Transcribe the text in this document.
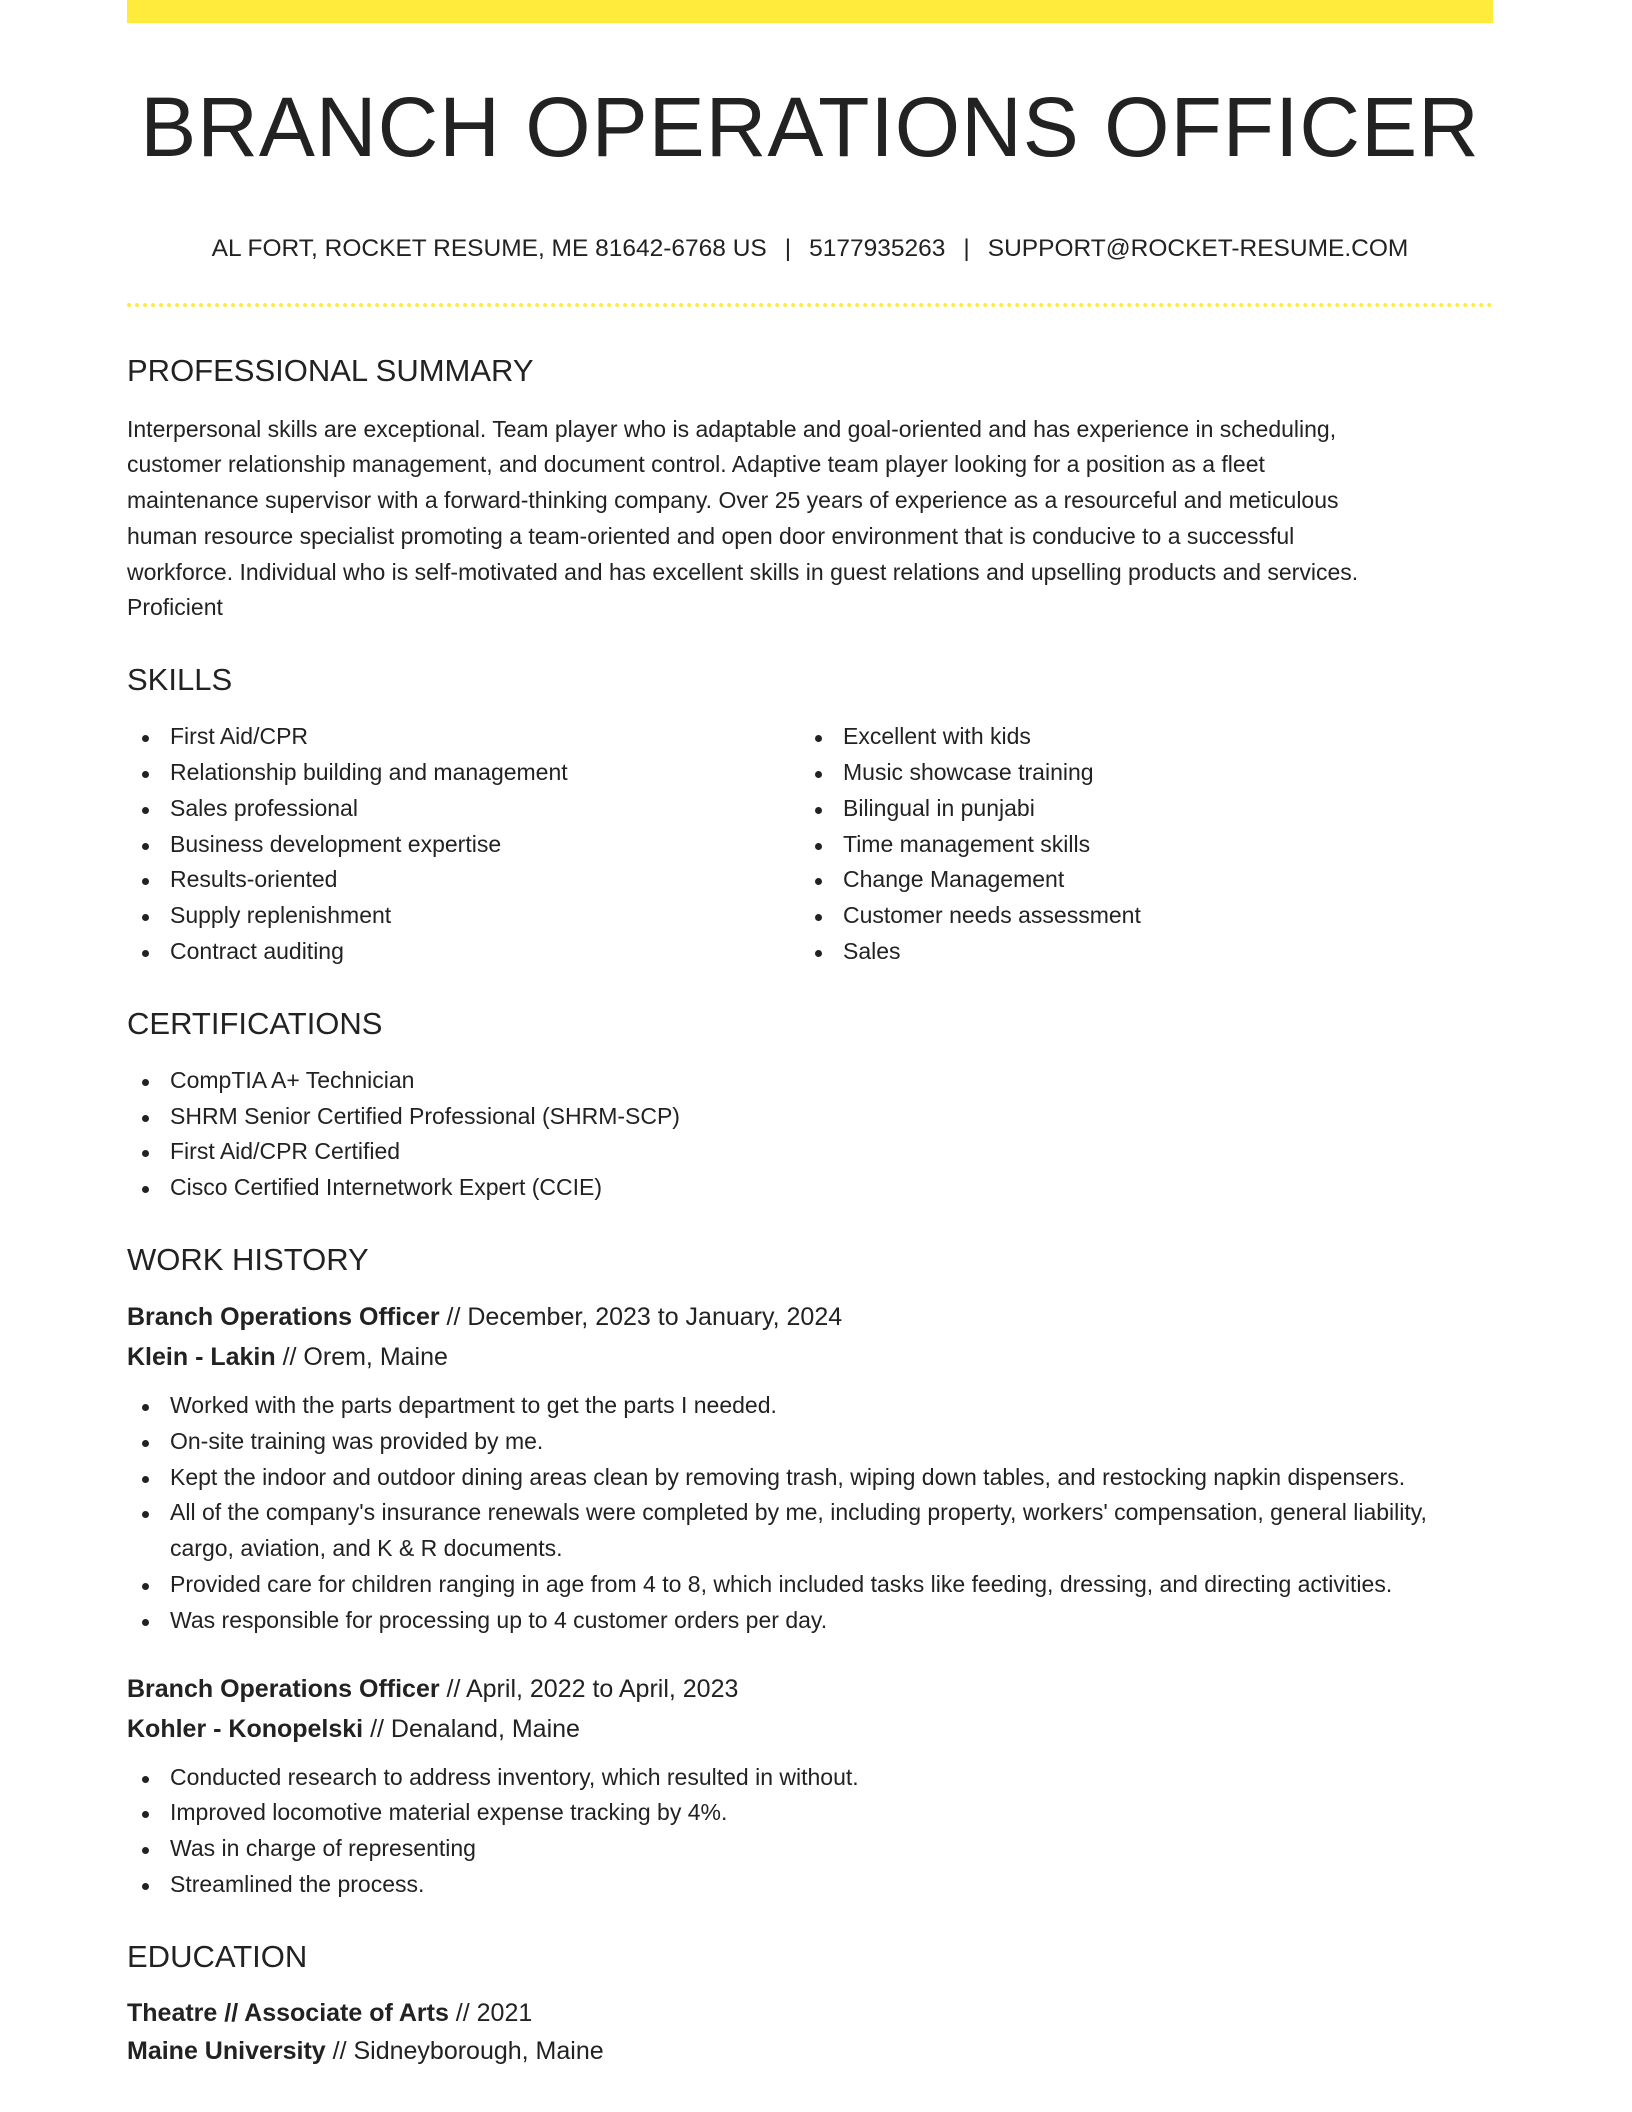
BRANCH OPERATIONS OFFICER
AL FORT, ROCKET RESUME, ME 81642-6768 US | 5177935263 | SUPPORT@ROCKET-RESUME.COM
PROFESSIONAL SUMMARY
Interpersonal skills are exceptional. Team player who is adaptable and goal-oriented and has experience in scheduling,
customer relationship management, and document control. Adaptive team player looking for a position as a fleet
maintenance supervisor with a forward-thinking company. Over 25 years of experience as a resourceful and meticulous
human resource specialist promoting a team-oriented and open door environment that is conducive to a successful
workforce. Individual who is self-motivated and has excellent skills in guest relations and upselling products and services.
Proficient
SKILLS
First Aid/CPR
Relationship building and management
Sales professional
Business development expertise
Results-oriented
Supply replenishment
Contract auditing
Excellent with kids
Music showcase training
Bilingual in punjabi
Time management skills
Change Management
Customer needs assessment
Sales
CERTIFICATIONS
CompTIA A+ Technician
SHRM Senior Certified Professional (SHRM-SCP)
First Aid/CPR Certified
Cisco Certified Internetwork Expert (CCIE)
WORK HISTORY
Branch Operations Officer // December, 2023 to January, 2024
Klein - Lakin // Orem, Maine
Worked with the parts department to get the parts I needed.
On-site training was provided by me.
Kept the indoor and outdoor dining areas clean by removing trash, wiping down tables, and restocking napkin dispensers.
All of the company's insurance renewals were completed by me, including property, workers' compensation, general liability, cargo, aviation, and K & R documents.
Provided care for children ranging in age from 4 to 8, which included tasks like feeding, dressing, and directing activities.
Was responsible for processing up to 4 customer orders per day.
Branch Operations Officer // April, 2022 to April, 2023
Kohler - Konopelski // Denaland, Maine
Conducted research to address inventory, which resulted in without.
Improved locomotive material expense tracking by 4%.
Was in charge of representing
Streamlined the process.
EDUCATION
Theatre // Associate of Arts // 2021
Maine University // Sidneyborough, Maine
